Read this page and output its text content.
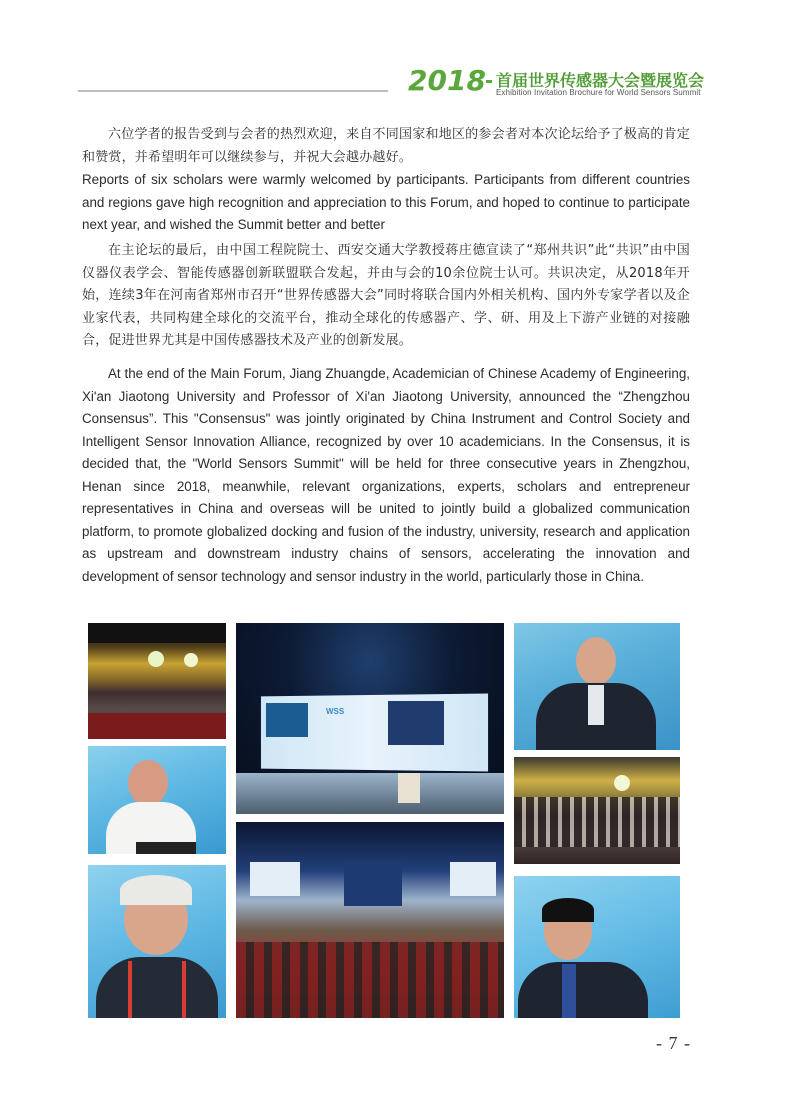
2018 首届世界传感器大会暨展览会
Exhibition Invitation Brochure for World Sensors Summit
六位学者的报告受到与会者的热烈欢迎，来自不同国家和地区的参会者对本次论坛给予了极高的肯定和赞赏，并希望明年可以继续参与，并祝大会越办越好。
Reports of six scholars were warmly welcomed by participants. Participants from different countries and regions gave high recognition and appreciation to this Forum, and hoped to continue to participate next year, and wished the Summit better and better
在主论坛的最后，由中国工程院院士、西安交通大学教授蒋庄德宣读了“郑州共识”此“共识”由中国仪器仪表学会、智能传感器创新联盟联合发起，并由与会的10余位院士认可。共识决定，从2018年开始，连续3年在河南省郑州市召开“世界传感器大会”同时将联合国内外相关机构、国内外专家学者以及企业家代表，共同构建全球化的交流平台，推动全球化的传感器产、学、研、用及上下游产业链的对接融合，促进世界尤其是中国传感器技术及产业的创新发展。
At the end of the Main Forum, Jiang Zhuangde, Academician of Chinese Academy of Engineering, Xi'an Jiaotong University and Professor of Xi'an Jiaotong University, announced the “Zhengzhou Consensus”. This "Consensus" was jointly originated by China Instrument and Control Society and Intelligent Sensor Innovation Alliance, recognized by over 10 academicians. In the Consensus, it is decided that, the "World Sensors Summit" will be held for three consecutive years in Zhengzhou, Henan since 2018, meanwhile, relevant organizations, experts, scholars and entrepreneur representatives in China and overseas will be united to jointly build a globalized communication platform, to promote globalized docking and fusion of the industry, university, research and application as upstream and downstream industry chains of sensors, accelerating the innovation and development of sensor technology and sensor industry in the world, particularly those in China.
WSS
- 7 -
